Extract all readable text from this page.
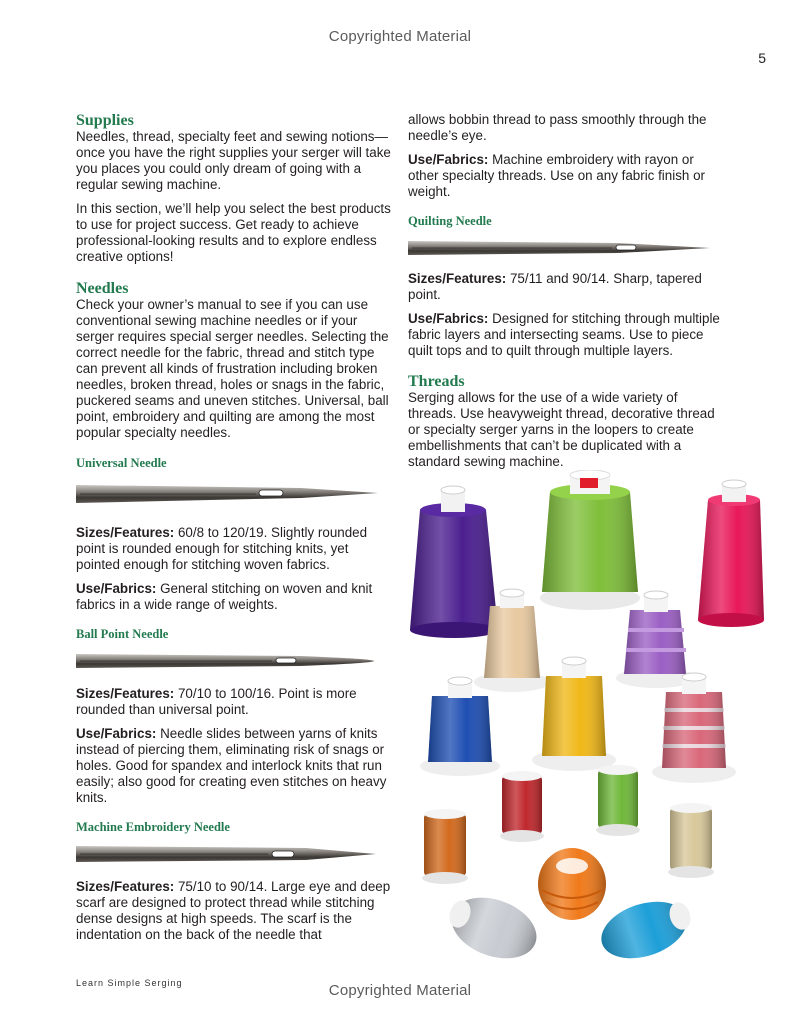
Copyrighted Material
5
Supplies

Needles, thread, specialty feet and sewing notions—once you have the right supplies your serger will take you places you could only dream of going with a regular sewing machine.

In this section, we’ll help you select the best products to use for project success. Get ready to achieve professional-looking results and to explore endless creative options!

Needles

Check your owner’s manual to see if you can use conventional sewing machine needles or if your serger requires special serger needles. Selecting the correct needle for the fabric, thread and stitch type can prevent all kinds of frustration including broken needles, broken thread, holes or snags in the fabric, puckered seams and uneven stitches. Universal, ball point, embroidery and quilting are among the most popular specialty needles.

Universal Needle

Sizes/Features: 60/8 to 120/19. Slightly rounded point is rounded enough for stitching knits, yet pointed enough for stitching woven fabrics.

Use/Fabrics: General stitching on woven and knit fabrics in a wide range of weights.

Ball Point Needle

Sizes/Features: 70/10 to 100/16. Point is more rounded than universal point.

Use/Fabrics: Needle slides between yarns of knits instead of piercing them, eliminating risk of snags or holes. Good for spandex and interlock knits that run easily; also good for creating even stitches on heavy knits.

Machine Embroidery Needle

Sizes/Features: 75/10 to 90/14. Large eye and deep scarf are designed to protect thread while stitching dense designs at high speeds. The scarf is the indentation on the back of the needle that

allows bobbin thread to pass smoothly through the needle’s eye.

Use/Fabrics: Machine embroidery with rayon or other specialty threads. Use on any fabric finish or weight.

Quilting Needle

Sizes/Features: 75/11 and 90/14. Sharp, tapered point.

Use/Fabrics: Designed for stitching through multiple fabric layers and intersecting seams. Use to piece quilt tops and to quilt through multiple layers.

Threads

Serging allows for the use of a wide variety of threads. Use heavyweight thread, decorative thread or specialty serger yarns in the loopers to create embellishments that can’t be duplicated with a standard sewing machine.

Learn Simple Serging	Copyrighted Material
